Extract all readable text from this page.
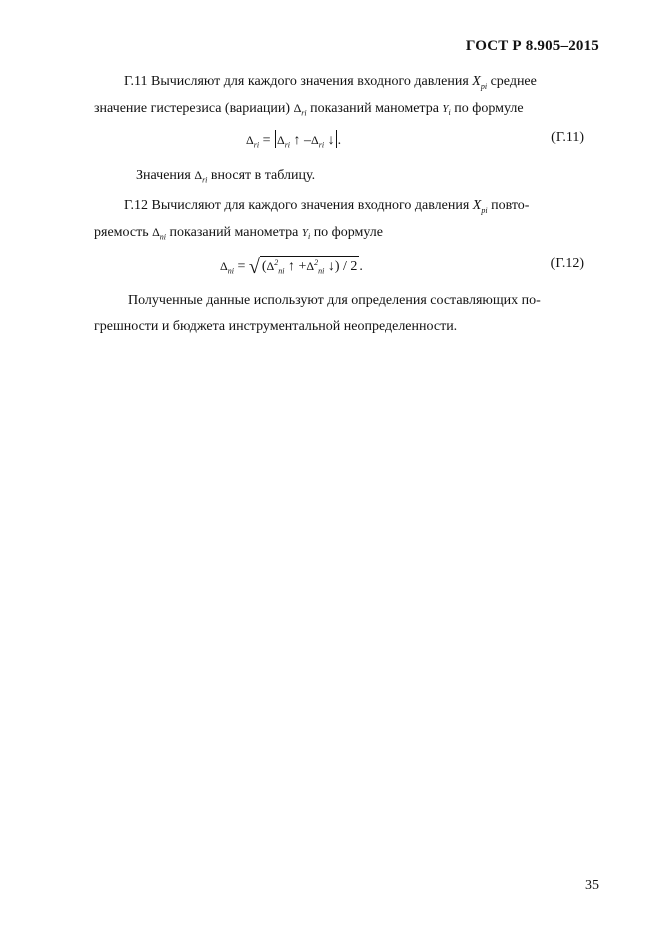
ГОСТ Р 8.905–2015
Г.11 Вычисляют для каждого значения входного давления $X_{pi}$ среднее
значение гистерезиса (вариации) $\Delta_{ri}$ показаний манометра $Y_i$ по формуле
$\Delta_{ri} = \Delta_{ri}$ ↑ $-\Delta_{ri}$ ↓ .	(Г.11)
Значения $\Delta_{ri}$ вносят в таблицу.
Г.12 Вычисляют для каждого значения входного давления $X_{pi}$ повто-
ряемость $\Delta_{ni}$ показаний манометра $Y_i$ по формуле
$\Delta_{ni}$ = √ ($\Delta^2_{ni}$ ↑ $+\Delta^2_{ni}$ ↓) / 2 .	(Г.12)
Полученные данные используют для определения составляющих по-
грешности и бюджета инструментальной неопределенности.
35
